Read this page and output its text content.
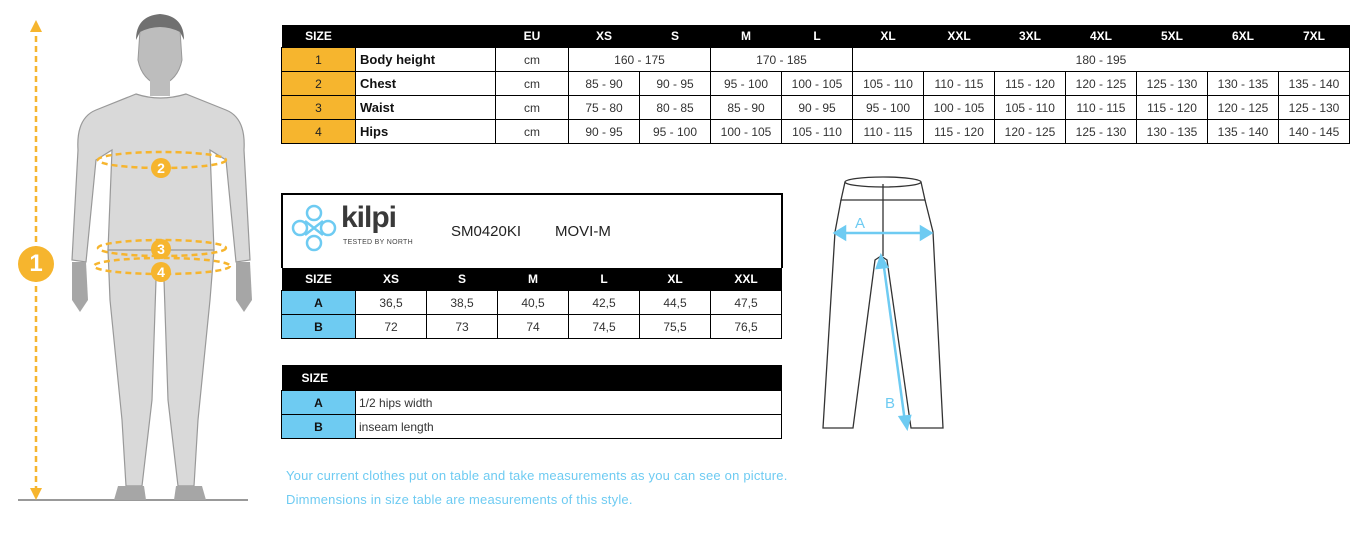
1
2
3
4
SIZE		EU	XS	S	M	L	XL	XXL	3XL	4XL	5XL	6XL	7XL
1	Body height	cm	160 - 175		170 - 185		180 - 195						
2	Chest	cm	85 - 90	90 - 95	95 - 100	100 - 105	105 - 110	110 - 115	115 - 120	120 - 125	125 - 130	130 - 135	135 - 140
3	Waist	cm	75 - 80	80 - 85	85 - 90	90 - 95	95 - 100	100 - 105	105 - 110	110 - 115	115 - 120	120 - 125	125 - 130
4	Hips	cm	90 - 95	95 - 100	100 - 105	105 - 110	110 - 115	115 - 120	120 - 125	125 - 130	130 - 135	135 - 140	140 - 145
kilpi
TESTED BY NORTH
SM0420KI MOVI-M
SIZE	XS	S	M	L	XL	XXL
A	36,5	38,5	40,5	42,5	44,5	47,5
B	72	73	74	74,5	75,5	76,5
SIZE	
A	1/2 hips width
B	inseam length
A
B
Your current clothes put on table and take measurements as you can see on picture.
Dimmensions in size table are measurements of this style.
